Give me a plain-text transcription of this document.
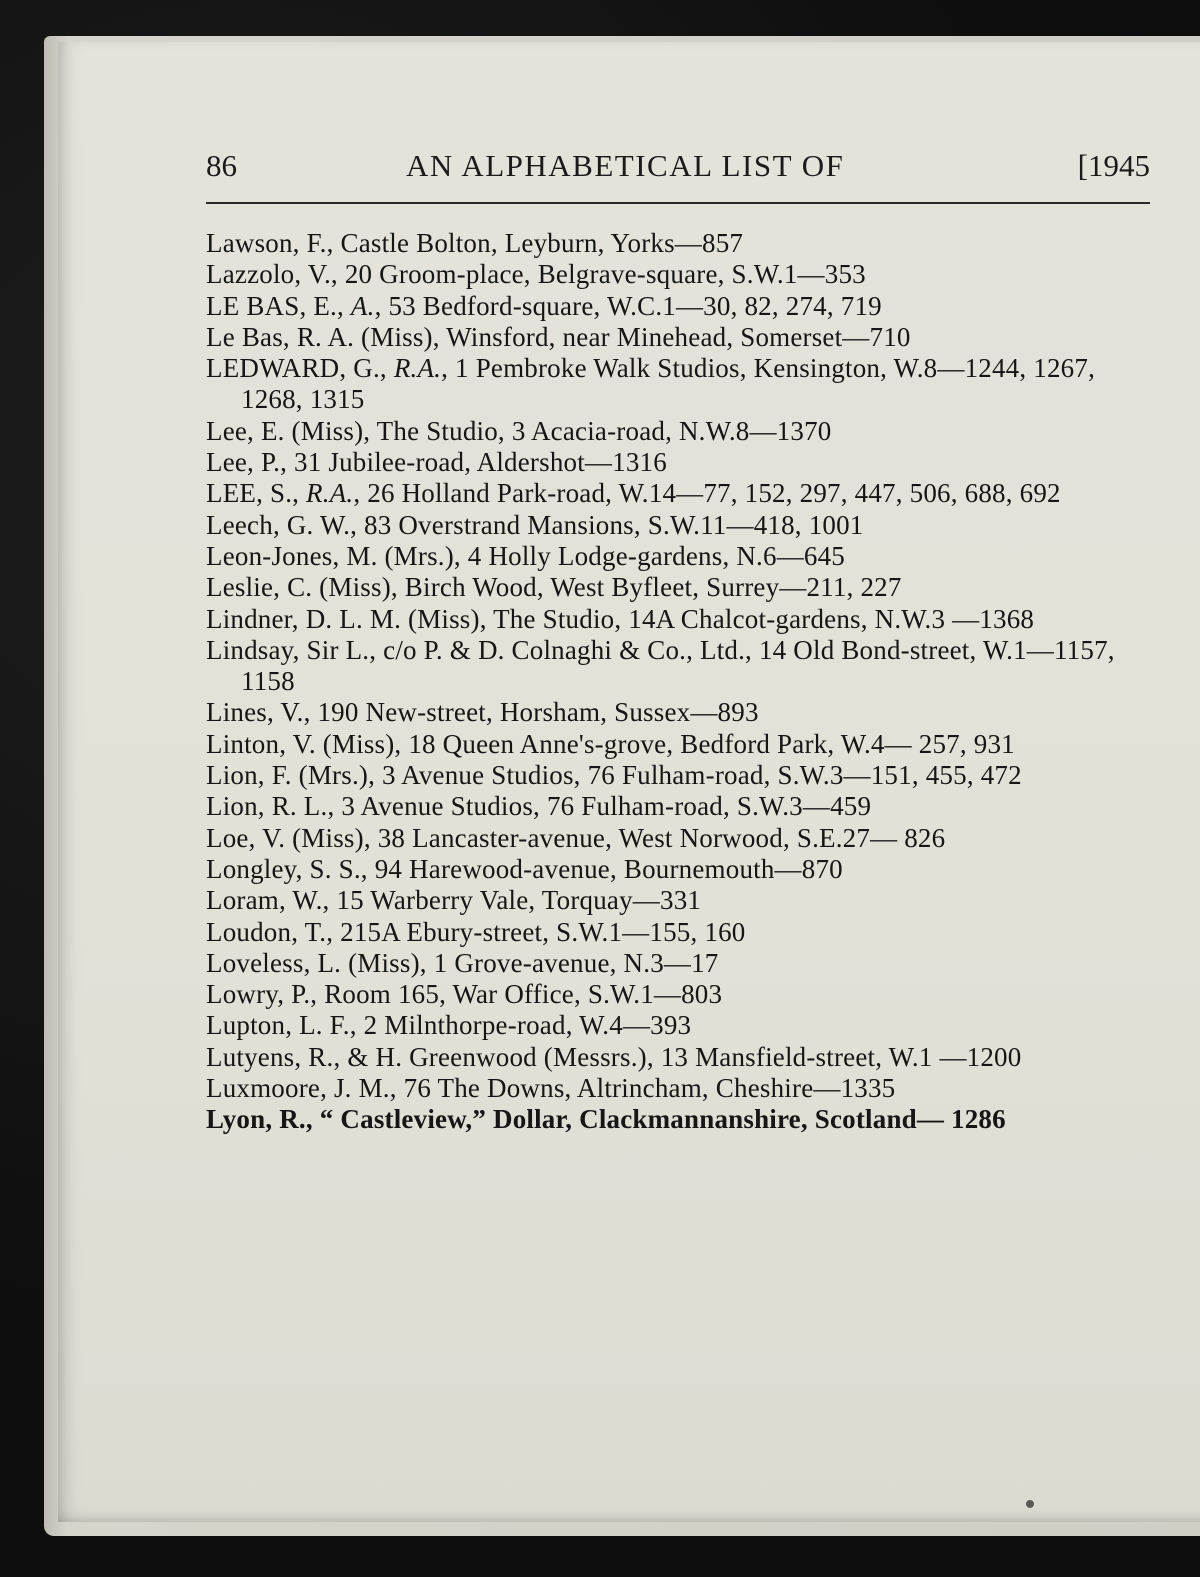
86	AN ALPHABETICAL LIST OF	[1945

Lawson, F., Castle Bolton, Leyburn, Yorks—857

Lazzolo, V., 20 Groom-place, Belgrave-square, S.W.1—353

LE BAS, E., A., 53 Bedford-square, W.C.1—30, 82, 274, 719

Le Bas, R. A. (Miss), Winsford, near Minehead, Somerset—710

LEDWARD, G., R.A., 1 Pembroke Walk Studios, Kensington, W.8—1244, 1267, 1268, 1315

Lee, E. (Miss), The Studio, 3 Acacia-road, N.W.8—1370

Lee, P., 31 Jubilee-road, Aldershot—1316

LEE, S., R.A., 26 Holland Park-road, W.14—77, 152, 297, 447, 506, 688, 692

Leech, G. W., 83 Overstrand Mansions, S.W.11—418, 1001

Leon-Jones, M. (Mrs.), 4 Holly Lodge-gardens, N.6—645

Leslie, C. (Miss), Birch Wood, West Byfleet, Surrey—211, 227

Lindner, D. L. M. (Miss), The Studio, 14A Chalcot-gardens, N.W.3 —1368

Lindsay, Sir L., c/o P. & D. Colnaghi & Co., Ltd., 14 Old Bond-street, W.1—1157, 1158

Lines, V., 190 New-street, Horsham, Sussex—893

Linton, V. (Miss), 18 Queen Anne's-grove, Bedford Park, W.4— 257, 931

Lion, F. (Mrs.), 3 Avenue Studios, 76 Fulham-road, S.W.3—151, 455, 472

Lion, R. L., 3 Avenue Studios, 76 Fulham-road, S.W.3—459

Loe, V. (Miss), 38 Lancaster-avenue, West Norwood, S.E.27— 826

Longley, S. S., 94 Harewood-avenue, Bournemouth—870

Loram, W., 15 Warberry Vale, Torquay—331

Loudon, T., 215A Ebury-street, S.W.1—155, 160

Loveless, L. (Miss), 1 Grove-avenue, N.3—17

Lowry, P., Room 165, War Office, S.W.1—803

Lupton, L. F., 2 Milnthorpe-road, W.4—393

Lutyens, R., & H. Greenwood (Messrs.), 13 Mansfield-street, W.1 —1200

Luxmoore, J. M., 76 The Downs, Altrincham, Cheshire—1335

Lyon, R., “ Castleview,” Dollar, Clackmannanshire, Scotland— 1286
